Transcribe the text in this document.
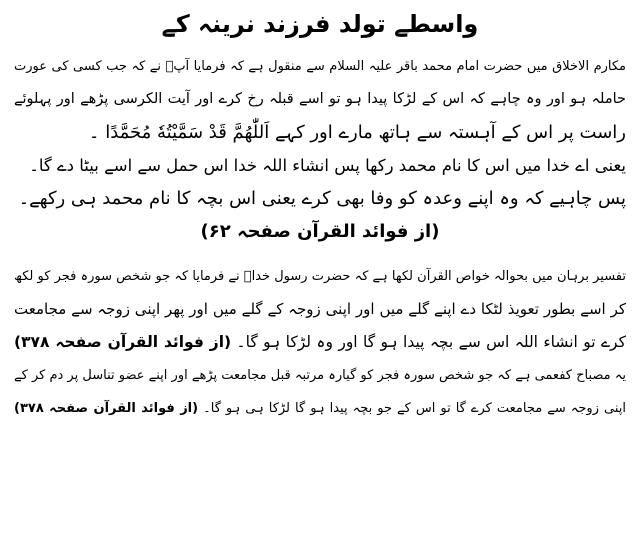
واسطے تولد فرزند نرینہ کے

مکارم الاخلاق میں حضرت امام محمد باقر علیہ السلام سے منقول ہے کہ فرمایا آپؑ نے کہ جب کسی کی عورت

حاملہ ہو اور وہ چاہے کہ اس کے لڑکا پیدا ہو تو اسے قبلہ رخ کرے اور آیت الکرسی پڑھے اور پہلوئے

راست پر اس کے آہستہ سے ہاتھ مارے اور کہے اَللّٰھُمَّ قَدْ سَمَّیْتُهٗ مُحَمَّدًا ۔

یعنی اے خدا میں اس کا نام محمد رکھا پس انشاء اللہ خدا اس حمل سے اسے بیٹا دے گا۔

پس چاہیے کہ وہ اپنے وعدہ کو وفا بھی کرے یعنی اس بچہ کا نام محمد ہی رکھے۔

(از فوائد القرآن صفحہ ۶۲)

تفسیر برہان میں بحوالہ خواص القرآن لکھا ہے کہ حضرت رسول خداؐ نے فرمایا کہ جو شخص سورہ فجر کو لکھ

کر اسے بطور تعویذ لٹکا دے اپنے گلے میں اور اپنی زوجہ کے گلے میں اور پھر اپنی زوجہ سے مجامعت

کرے تو انشاء اللہ اس سے بچہ پیدا ہو گا اور وہ لڑکا ہو گا۔ (از فوائد القرآن صفحہ ۳۷۸)

یہ مصباح کفعمی ہے کہ جو شخص سورہ فجر کو گیارہ مرتبہ قبل مجامعت پڑھے اور اپنے عضو تناسل پر دم کر کے

اپنی زوجہ سے مجامعت کرے گا تو اس کے جو بچہ پیدا ہو گا لڑکا ہی ہو گا۔ (از فوائد القرآن صفحہ ۳۷۸)
